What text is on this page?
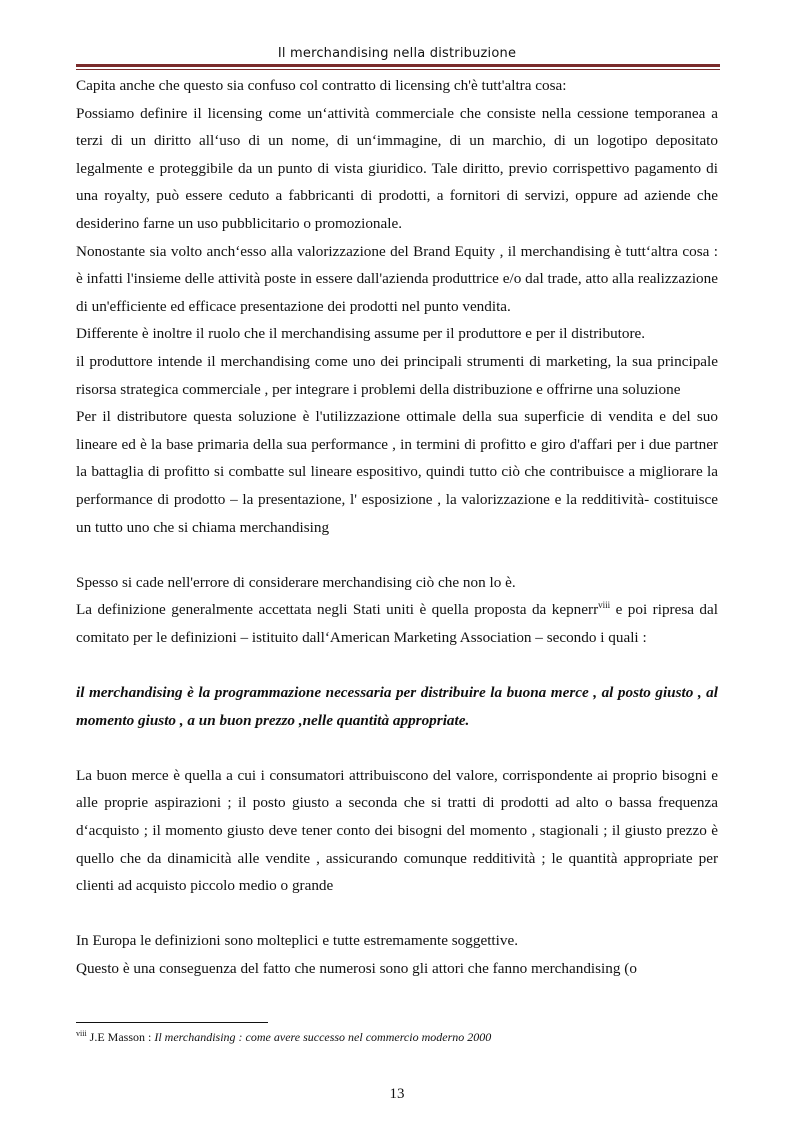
Il merchandising nella distribuzione

Capita anche che questo sia confuso col contratto di licensing ch'è tutt'altra cosa:

Possiamo definire il licensing come un‘attività commerciale che consiste nella cessione temporanea a terzi di un diritto all‘uso di un nome, di un‘immagine, di un marchio, di un logotipo depositato legalmente e proteggibile da un punto di vista giuridico. Tale diritto, previo corrispettivo pagamento di una royalty, può essere ceduto a fabbricanti di prodotti, a fornitori di servizi, oppure ad aziende che desiderino farne un uso pubblicitario o promozionale.

Nonostante sia volto anch‘esso alla valorizzazione del Brand Equity , il merchandising è tutt‘altra cosa : è infatti l'insieme delle attività poste in essere dall'azienda produttrice e/o dal trade, atto alla realizzazione di un'efficiente ed efficace presentazione dei prodotti nel punto vendita.

Differente è inoltre il ruolo che il merchandising assume per il produttore e per il distributore.

il produttore intende il merchandising come uno dei principali strumenti di marketing, la sua principale risorsa strategica commerciale , per integrare i problemi della distribuzione e offrirne una soluzione

Per il distributore questa soluzione è l'utilizzazione ottimale della sua superficie di vendita e del suo lineare ed è la base primaria della sua performance , in termini di profitto e giro d'affari per i due partner la battaglia di profitto si combatte sul lineare espositivo, quindi tutto ciò che contribuisce a migliorare la performance di prodotto – la presentazione, l' esposizione , la valorizzazione e la redditività- costituisce un tutto uno che si chiama merchandising

Spesso si cade nell'errore di considerare merchandising ciò che non lo è.

La definizione generalmente accettata negli Stati uniti è quella proposta da kepnerr$^{viii}$ e poi ripresa dal comitato per le definizioni – istituito dall‘American Marketing Association – secondo i quali :

il merchandising è la programmazione necessaria per distribuire la buona merce , al posto giusto , al momento giusto , a un buon prezzo ,nelle quantità appropriate.

La buon merce è quella a cui i consumatori attribuiscono del valore, corrispondente ai proprio bisogni e alle proprie aspirazioni ; il posto giusto a seconda che si tratti di prodotti ad alto o bassa frequenza d‘acquisto ; il momento giusto deve tener conto dei bisogni del momento , stagionali ; il giusto prezzo è quello che da dinamicità alle vendite , assicurando comunque redditività ; le quantità appropriate per clienti ad acquisto piccolo medio o grande

In Europa le definizioni sono molteplici e tutte estremamente soggettive.

Questo è una conseguenza del fatto che numerosi sono gli attori che fanno merchandising (o

$^{viii}$ J.E Masson : Il merchandising : come avere successo nel commercio moderno 2000
13
